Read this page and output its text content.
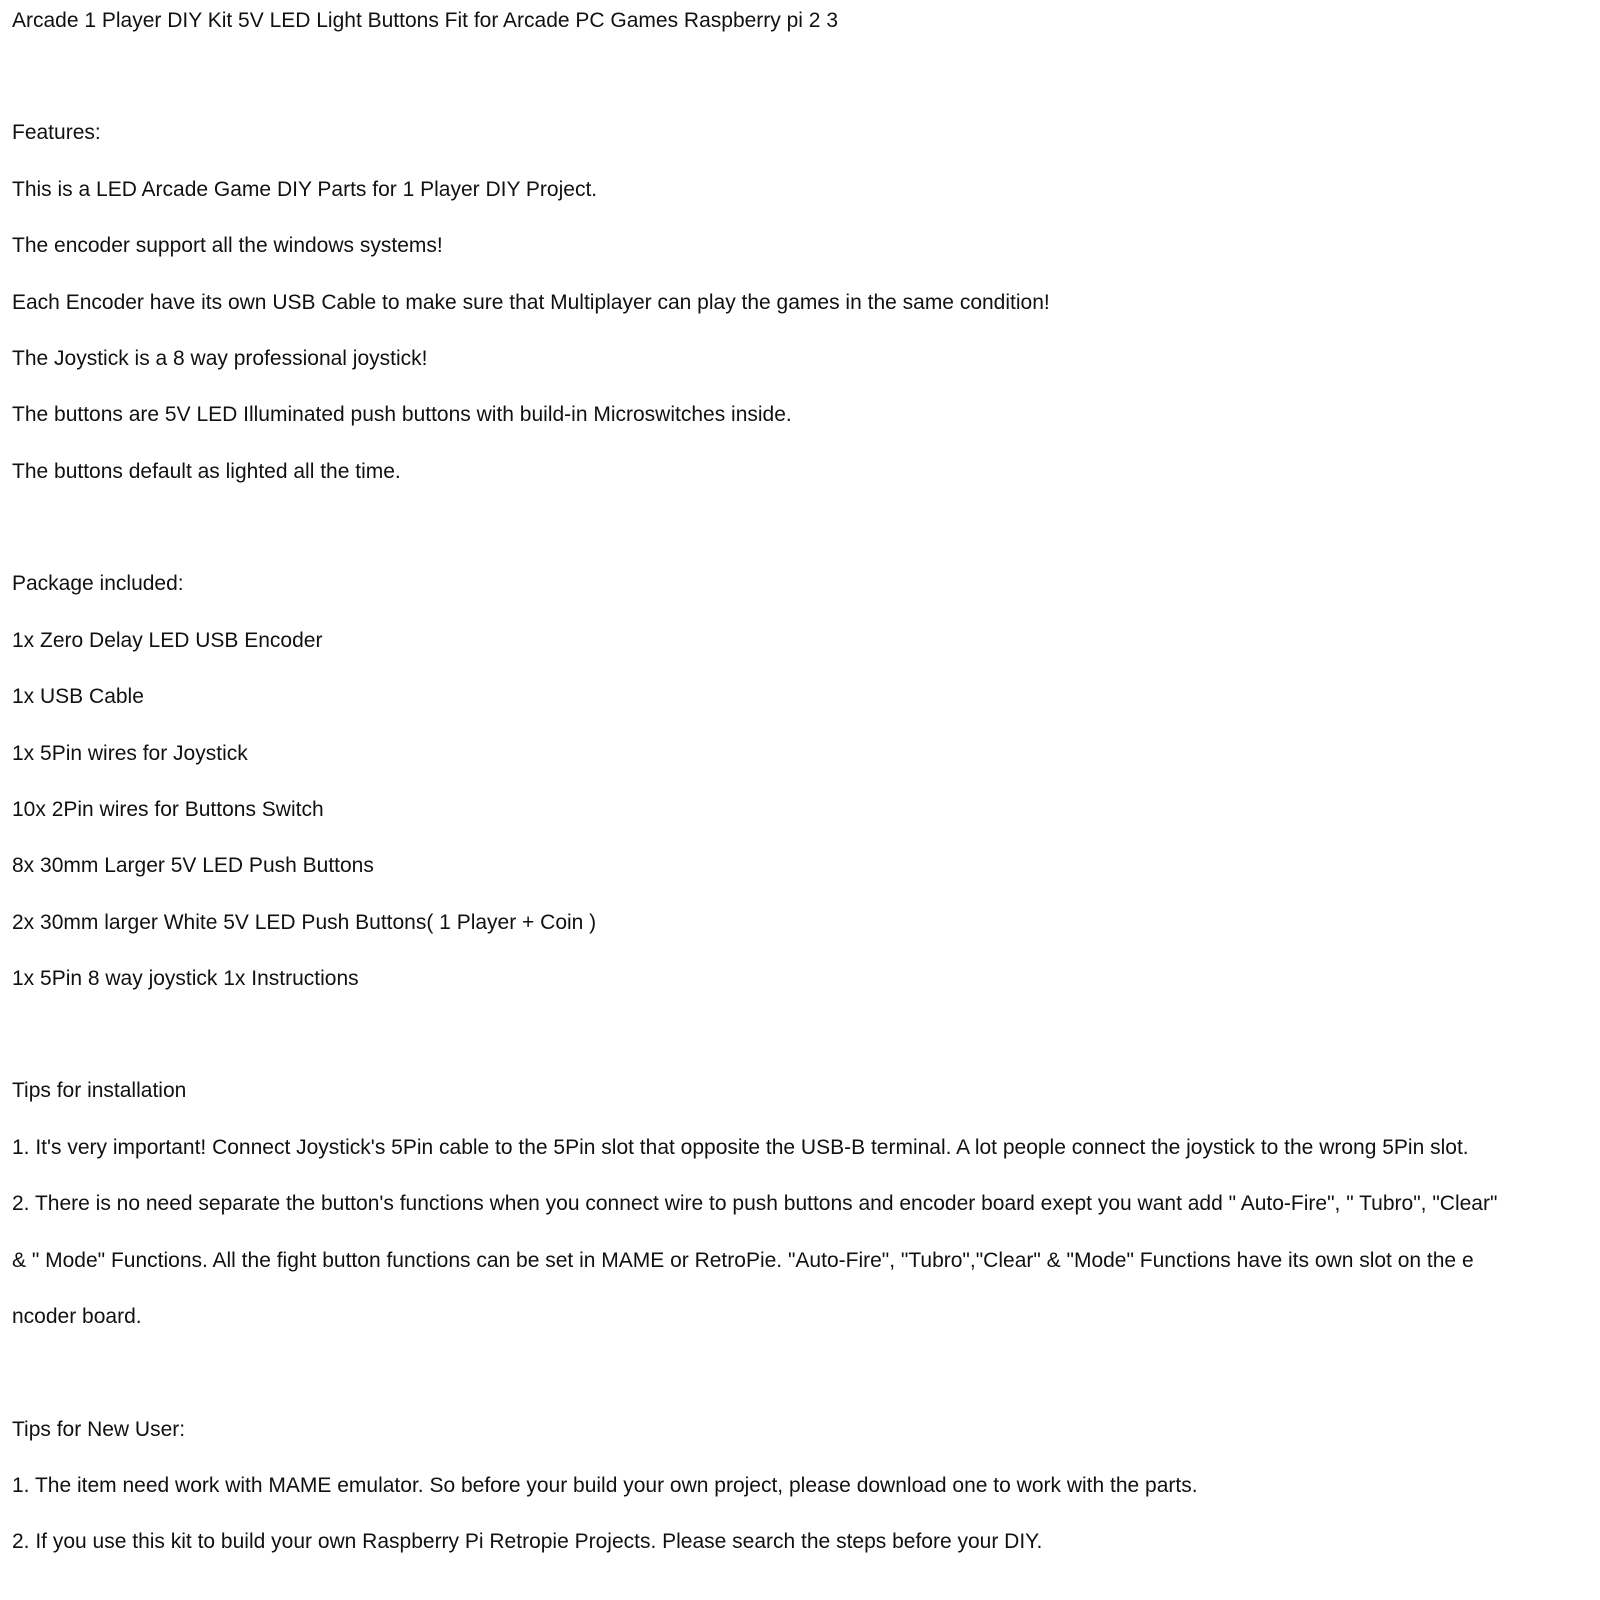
Arcade 1 Player DIY Kit 5V LED Light Buttons Fit for Arcade PC Games Raspberry pi 2 3
Features:
This is a LED Arcade Game DIY Parts for 1 Player DIY Project.
The encoder support all the windows systems!
Each Encoder have its own USB Cable to make sure that Multiplayer can play the games in the same condition!
The Joystick is a 8 way professional joystick!
The buttons are 5V LED Illuminated push buttons with build-in Microswitches inside.
The buttons default as lighted all the time.
Package included:
1x Zero Delay LED USB Encoder
1x USB Cable
1x 5Pin wires for Joystick
10x 2Pin wires for Buttons Switch
8x 30mm Larger 5V LED Push Buttons
2x 30mm larger White 5V LED Push Buttons( 1 Player + Coin )
1x 5Pin 8 way joystick 1x Instructions
Tips for installation
1. It's very important! Connect Joystick's 5Pin cable to the 5Pin slot that opposite the USB-B terminal. A lot people connect the joystick to the wrong 5Pin slot.
2. There is no need separate the button's functions when you connect wire to push buttons and encoder board exept you want add " Auto-Fire", " Tubro", "Clear"
& " Mode" Functions. All the fight button functions can be set in MAME or RetroPie. "Auto-Fire", "Tubro","Clear" & "Mode" Functions have its own slot on the e
ncoder board.
Tips for New User:
1. The item need work with MAME emulator. So before your build your own project, please download one to work with the parts.
2. If you use this kit to build your own Raspberry Pi Retropie Projects. Please search the steps before your DIY.
